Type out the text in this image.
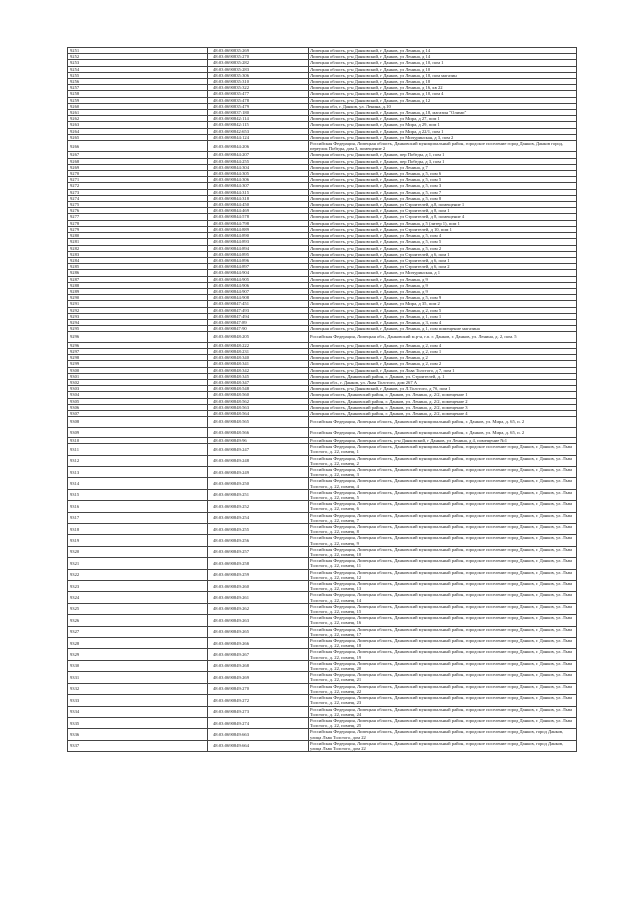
9251	48:03:0690835:269	Липецкая область, р-н Данковский, г Данков, ул Ленина, д 14
9252	48:03:0690835:270	Липецкая область, р-н Данковский, г Данков, ул Ленина, д 14
9253	48:03:0690835:282	Липецкая область, р-н Данковский, г Данков, ул Ленина, д 10, пом 1
9254	48:03:0690835:283	Липецкая область, р-н Данковский, г Данков, ул Ленина, д 10
9255	48:03:0690835:306	Липецкая область, р-н Данковский, г Данков, ул Ленина, д 10, пом магазин
9256	48:03:0690835:310	Липецкая область, р-н Данковский, г Данков, ул Ленина, д 18
9257	48:03:0690835:322	Липецкая область, р-н Данковский, г Данков, ул Ленина, д 16, кв 22
9258	48:03:0690835:477	Липецкая область, р-н Данковский, г Данков, ул Ленина, д 10, пом 4
9259	48:03:0690835:478	Липецкая область, р-н Данковский, г Данков, ул Ленина, д 12
9260	48:03:0690835:479	Липецкая обл, г. Данков, ул. Ленина, д.10
9261	48:03:0690837:180	Липецкая область, р-н Данковский, г Данков, ул Ленина, д.18, магазин "Олимп"
9262	48:03:0690842:114	Липецкая область, р-н Данковский, г Данков, ул Мира, д 27, пом 1
9263	48:03:0690842:115	Липецкая область, р-н Данковский, г Данков, ул Мира, д 29, пом 1
9264	48:03:0690842:653	Липецкая область, р-н Данковский, г Данков, ул Мира, д 22/1, пом 1
9265	48:03:0690844:124	Липецкая область, р-н Данковский, г Данков, ул Мичуринская, д 3, пом 2
9266	48:03:0690844:206	Российская Федерация, Липецкая область, Данковский муниципальный район, городское поселение город Данков, Данков город, переулок Победы, дом 3, помещение 2
9267	48:03:0690844:207	Липецкая область, р-н Данковский, г Данков, пер Победы, д 1, пом 1
9268	48:03:0690844:255	Липецкая область, р-н Данковский, г Данков, пер Победы, д 3, пом 1
9269	48:03:0690844:304	Липецкая область, р-н Данковский, г Данков, ул Ленина, д 7
9270	48:03:0690844:305	Липецкая область, р-н Данковский, г Данков, ул Ленина, д 5, пом 6
9271	48:03:0690844:306	Липецкая область, р-н Данковский, г Данков, ул Ленина, д 5, пом 5
9272	48:03:0690844:307	Липецкая область, р-н Данковский, г Данков, ул Ленина, д 5, пом 3
9273	48:03:0690844:315	Липецкая область, р-н Данковский, г Данков, ул Ленина, д 5, пом 7
9274	48:03:0690844:318	Липецкая область, р-н Данковский, г Данков, ул Ленина, д 5, пом 8
9275	48:03:0690844:450	Липецкая область, р-н Данковский, г Данков, ул Строителей, д.8, помещение 1
9276	48:03:0690844:469	Липецкая область, р-н Данковский, г Данков, ул Строителей, д 8, пом 1
9277	48:03:0690844:578	Липецкая область, р-н Данковский, г Данков, ул Строителей, д 8, помещение 4
9278	48:03:0690844:798	Липецкая область, р-н Данковский, г Данков, ул Ленина, д 5 (литер 1), пом 1
9279	48:03:0690844:889	Липецкая область, р-н Данковский, г Данков, ул Строителей, д 10, пом 1
9280	48:03:0690844:890	Липецкая область, р-н Данковский, г Данков, ул Ленина, д 5, пом 4
9281	48:03:0690844:893	Липецкая область, р-н Данковский, г Данков, ул Ленина, д 5, пом 5
9282	48:03:0690844:894	Липецкая область, р-н Данковский, г Данков, ул Ленина, д 5, пом 2
9283	48:03:0690844:895	Липецкая область, р-н Данковский, г Данков, ул Строителей, д 6, пом 1
9284	48:03:0690844:896	Липецкая область, р-н Данковский, г Данков, ул Строителей, д 6, пом 1
9285	48:03:0690844:897	Липецкая область, р-н Данковский, г Данков, ул Строителей, д 6, пом 2
9286	48:03:0690844:904	Липецкая область, р-н Данковский, г Данков, ул Мичуринская, д 1
9287	48:03:0690844:905	Липецкая область, р-н Данковский, г Данков, ул Ленина, д 9
9288	48:03:0690844:906	Липецкая область, р-н Данковский, г Данков, ул Ленина, д 9
9289	48:03:0690844:907	Липецкая область, р-н Данковский, г Данков, ул Ленина, д 9
9290	48:03:0690844:908	Липецкая область, р-н Данковский, г Данков, ул Ленина, д 5, пом 9
9291	48:03:0690847:451	Липецкая область, р-н Данковский, г Данков, ул Мира, д 35, пом 2
9292	48:03:0690847:493	Липецкая область, р-н Данковский, г Данков, ул Ленина, д 2, пом 5
9293	48:03:0690847:494	Липецкая область, р-н Данковский, г Данков, ул Ленина, д 1, пом 1
9294	48:03:0690847:89	Липецкая область, р-н Данковский, г Данков, ул Ленина, д 3, пом 4
9295	48:03:0690847:90	Липецкая область, р-н Данковский, г Данков, ул Ленина, д 1, пом помещение магазина
9296	48:03:0690848:205	Российская Федерация, Липецкая обл., Данковский м.р-н, г.п. г. Данков, г. Данков, ул. Ленина, д. 2, пом. 5
9296	48:03:0690848:222	Липецкая область, р-н Данковский, г Данков, ул Ленина, д 2, пом 4
9297	48:03:0690848:231	Липецкая область, р-н Данковский, г Данков, ул Ленина, д 2, пом 1
9298	48:03:0690848:340	Липецкая область, р-н Данковский, г Данков, ул Ленина, д 2
9299	48:03:0690848:341	Липецкая область, р-н Данковский, г Данков, ул Ленина, д 2, пом 2
9300	48:03:0690848:342	Липецкая область, р-н Данковский, г Данков, ул Льва Толстого, д 7, пом 1
9301	48:03:0690848:345	Липецкая область, Данковский район, г. Данков, ул. Строителей, д. 1
9302	48:03:0690848:347	Липецкая обл., г. Данков, ул. Льва Толстого, дом 267 А
9303	48:03:0690848:548	Липецкая область, р-н Данковский, г Данков, ул Л.Толстого, д 7б, пом 1
9304	48:03:0690848:560	Липецкая область, Данковский район, г. Данков, ул. Ленина, д. 2/2, помещение 1
9305	48:03:0690848:562	Липецкая область, Данковский район, г. Данков, ул. Ленина, д. 2/2, помещение 2
9306	48:03:0690848:563	Липецкая область, Данковский район, г. Данков, ул. Ленина, д. 2/2, помещение 3
9307	48:03:0690848:564	Липецкая область, Данковский район, г. Данков, ул. Ленина, д. 2/2, помещение 4
9308	48:03:0690848:565	Российская Федерация, Липецкая область, Данковский муниципальный район, г. Данков, ул. Мира, д. 65, п. 2
9309	48:03:0690848:566	Российская Федерация, Липецкая область, Данковский муниципальный район, г. Данков, ул. Мира, д. 65, п. 2
9310	48:03:0690849:96	Российская Федерация, Липецкая область, р-н Данковский, г Данков, ул Ленина, д 4, помещение №1
9311	48:03:0690849:247	Российская Федерация, Липецкая область, Данковский муниципальный район, городское поселение город Данков, г. Данков, ул. Льва Толстого, д. 22, помещ. 1
9312	48:03:0690849:248	Российская Федерация, Липецкая область, Данковский муниципальный район, городское поселение город Данков, г. Данков, ул. Льва Толстого, д. 22, помещ. 2
9313	48:03:0690849:249	Российская Федерация, Липецкая область, Данковский муниципальный район, городское поселение город Данков, г. Данков, ул. Льва Толстого, д. 22, помещ. 3
9314	48:03:0690849:250	Российская Федерация, Липецкая область, Данковский муниципальный район, городское поселение город Данков, г. Данков, ул. Льва Толстого, д. 22, помещ. 4
9315	48:03:0690849:251	Российская Федерация, Липецкая область, Данковский муниципальный район, городское поселение город Данков, г. Данков, ул. Льва Толстого, д. 22, помещ. 5
9316	48:03:0690849:252	Российская Федерация, Липецкая область, Данковский муниципальный район, городское поселение город Данков, г. Данков, ул. Льва Толстого, д. 22, помещ. 6
9317	48:03:0690849:254	Российская Федерация, Липецкая область, Данковский муниципальный район, городское поселение город Данков, г. Данков, ул. Льва Толстого, д. 22, помещ. 7
9318	48:03:0690849:255	Российская Федерация, Липецкая область, Данковский муниципальный район, городское поселение город Данков, г. Данков, ул. Льва Толстого, д. 22, помещ. 8
9319	48:03:0690849:256	Российская Федерация, Липецкая область, Данковский муниципальный район, городское поселение город Данков, г. Данков, ул. Льва Толстого, д. 22, помещ. 9
9320	48:03:0690849:257	Российская Федерация, Липецкая область, Данковский муниципальный район, городское поселение город Данков, г. Данков, ул. Льва Толстого, д. 22, помещ. 10
9321	48:03:0690849:258	Российская Федерация, Липецкая область, Данковский муниципальный район, городское поселение город Данков, г. Данков, ул. Льва Толстого, д. 22, помещ. 11
9322	48:03:0690849:259	Российская Федерация, Липецкая область, Данковский муниципальный район, городское поселение город Данков, г. Данков, ул. Льва Толстого, д. 22, помещ. 12
9323	48:03:0690849:260	Российская Федерация, Липецкая область, Данковский муниципальный район, городское поселение город Данков, г. Данков, ул. Льва Толстого, д. 22, помещ. 13
9324	48:03:0690849:261	Российская Федерация, Липецкая область, Данковский муниципальный район, городское поселение город Данков, г. Данков, ул. Льва Толстого, д. 22, помещ. 14
9325	48:03:0690849:262	Российская Федерация, Липецкая область, Данковский муниципальный район, городское поселение город Данков, г. Данков, ул. Льва Толстого, д. 22, помещ. 15
9326	48:03:0690849:263	Российская Федерация, Липецкая область, Данковский муниципальный район, городское поселение город Данков, г. Данков, ул. Льва Толстого, д. 22, помещ. 16
9327	48:03:0690849:265	Российская Федерация, Липецкая область, Данковский муниципальный район, городское поселение город Данков, г. Данков, ул. Льва Толстого, д. 22, помещ. 17
9328	48:03:0690849:266	Российская Федерация, Липецкая область, Данковский муниципальный район, городское поселение город Данков, г. Данков, ул. Льва Толстого, д. 22, помещ. 18
9329	48:03:0690849:267	Российская Федерация, Липецкая область, Данковский муниципальный район, городское поселение город Данков, г. Данков, ул. Льва Толстого, д. 22, помещ. 19
9330	48:03:0690849:268	Российская Федерация, Липецкая область, Данковский муниципальный район, городское поселение город Данков, г. Данков, ул. Льва Толстого, д. 22, помещ. 20
9331	48:03:0690849:269	Российская Федерация, Липецкая область, Данковский муниципальный район, городское поселение город Данков, г. Данков, ул. Льва Толстого, д. 22, помещ. 21
9332	48:03:0690849:270	Российская Федерация, Липецкая область, Данковский муниципальный район, городское поселение город Данков, г. Данков, ул. Льва Толстого, д. 22, помещ. 22
9333	48:03:0690849:272	Российская Федерация, Липецкая область, Данковский муниципальный район, городское поселение город Данков, г. Данков, ул. Льва Толстого, д. 22, помещ. 23
9334	48:03:0690849:273	Российская Федерация, Липецкая область, Данковский муниципальный район, городское поселение город Данков, г. Данков, ул. Льва Толстого, д. 22, помещ. 24
9335	48:03:0690849:274	Российская Федерация, Липецкая область, Данковский муниципальный район, городское поселение город Данков, г. Данков, ул. Льва Толстого, д. 22, помещ. 25
9336	48:03:0690849:663	Российская Федерация, Липецкая область, Данковский муниципальный район, городское поселение город Данков, город Данков, улица Льва Толстого, дом 22
9337	48:03:0690849:664	Российская Федерация, Липецкая область, Данковский муниципальный район, городское поселение город Данков, город Данков, улица Льва Толстого, дом 22
